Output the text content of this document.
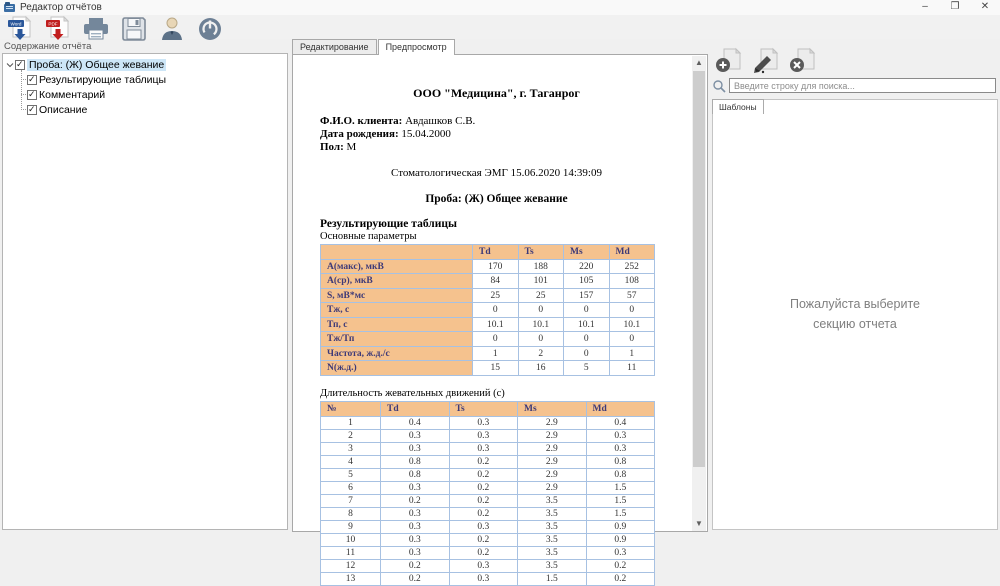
Редактор отчётов	–	❐	✕
Word	PDF
Содержание отчёта
✓
Проба: (Ж) Общее жевание
✓
Результирующие таблицы
✓
Комментарий
✓
Описание
Редактирование	Предпросмотр
ООО "Медицина", г. Таганрог
Ф.И.О. клиента: Авдашков С.В.
Дата рождения: 15.04.2000
Пол: М
Стоматологическая ЭМГ 15.06.2020 14:39:09
Проба: (Ж) Общее жевание
Результирующие таблицы
Основные параметры
	Td	Ts	Ms	Md
А(макс), мкВ	170	188	220	252
А(ср), мкВ	84	101	105	108
S, мВ*мс	25	25	157	57
Тж, с	0	0	0	0
Тп, с	10.1	10.1	10.1	10.1
Тж/Тп	0	0	0	0
Частота, ж.д./с	1	2	0	1
N(ж.д.)	15	16	5	11
Длительность жевательных движений (с)
№	Td	Ts	Ms	Md
1	0.4	0.3	2.9	0.4
2	0.3	0.3	2.9	0.3
3	0.3	0.3	2.9	0.3
4	0.8	0.2	2.9	0.8
5	0.8	0.2	2.9	0.8
6	0.3	0.2	2.9	1.5
7	0.2	0.2	3.5	1.5
8	0.3	0.2	3.5	1.5
9	0.3	0.3	3.5	0.9
10	0.3	0.2	3.5	0.9
11	0.3	0.2	3.5	0.3
12	0.2	0.3	3.5	0.2
13	0.2	0.3	1.5	0.2
▲
▼
Введите строку для поиска...
Шаблоны
Пожалуйста выберите секцию отчета
